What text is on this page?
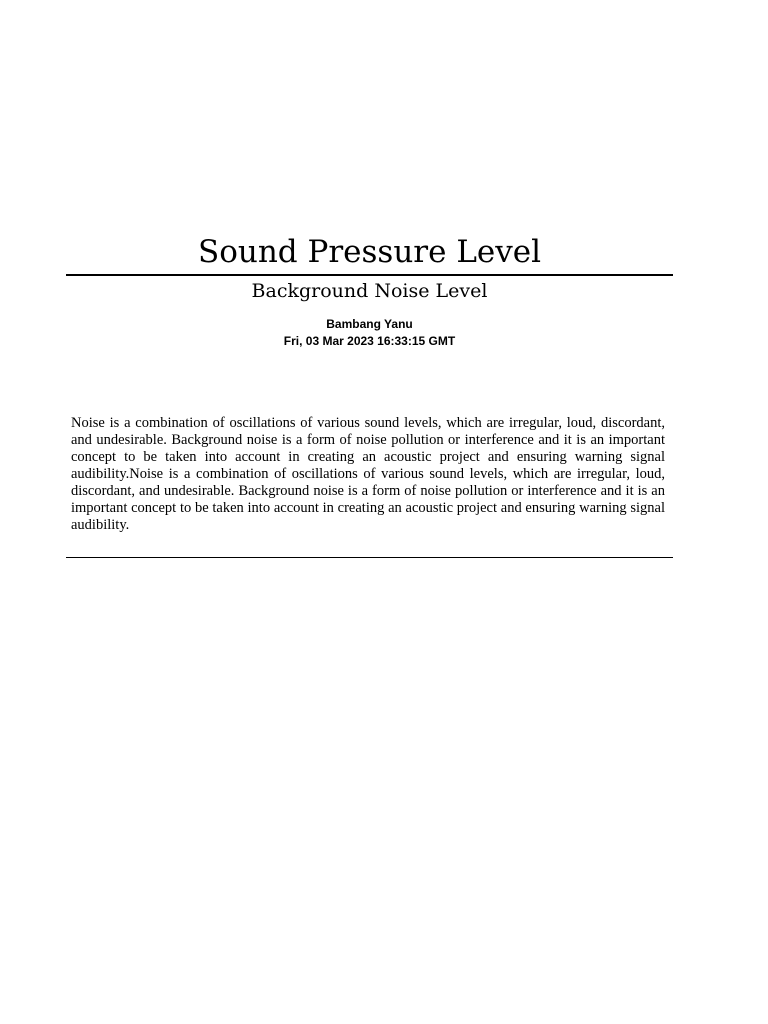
Sound Pressure Level
Background Noise Level
Bambang Yanu
Fri, 03 Mar 2023 16:33:15 GMT

Noise is a combination of oscillations of various sound levels, which are irregular, loud, discordant, and undesirable. Background noise is a form of noise pollution or interference and it is an important concept to be taken into account in creating an acoustic project and ensuring warning signal audibility.Noise is a combination of oscillations of various sound levels, which are irregular, loud, discordant, and undesirable. Background noise is a form of noise pollution or interference and it is an important concept to be taken into account in creating an acoustic project and ensuring warning signal audibility.
